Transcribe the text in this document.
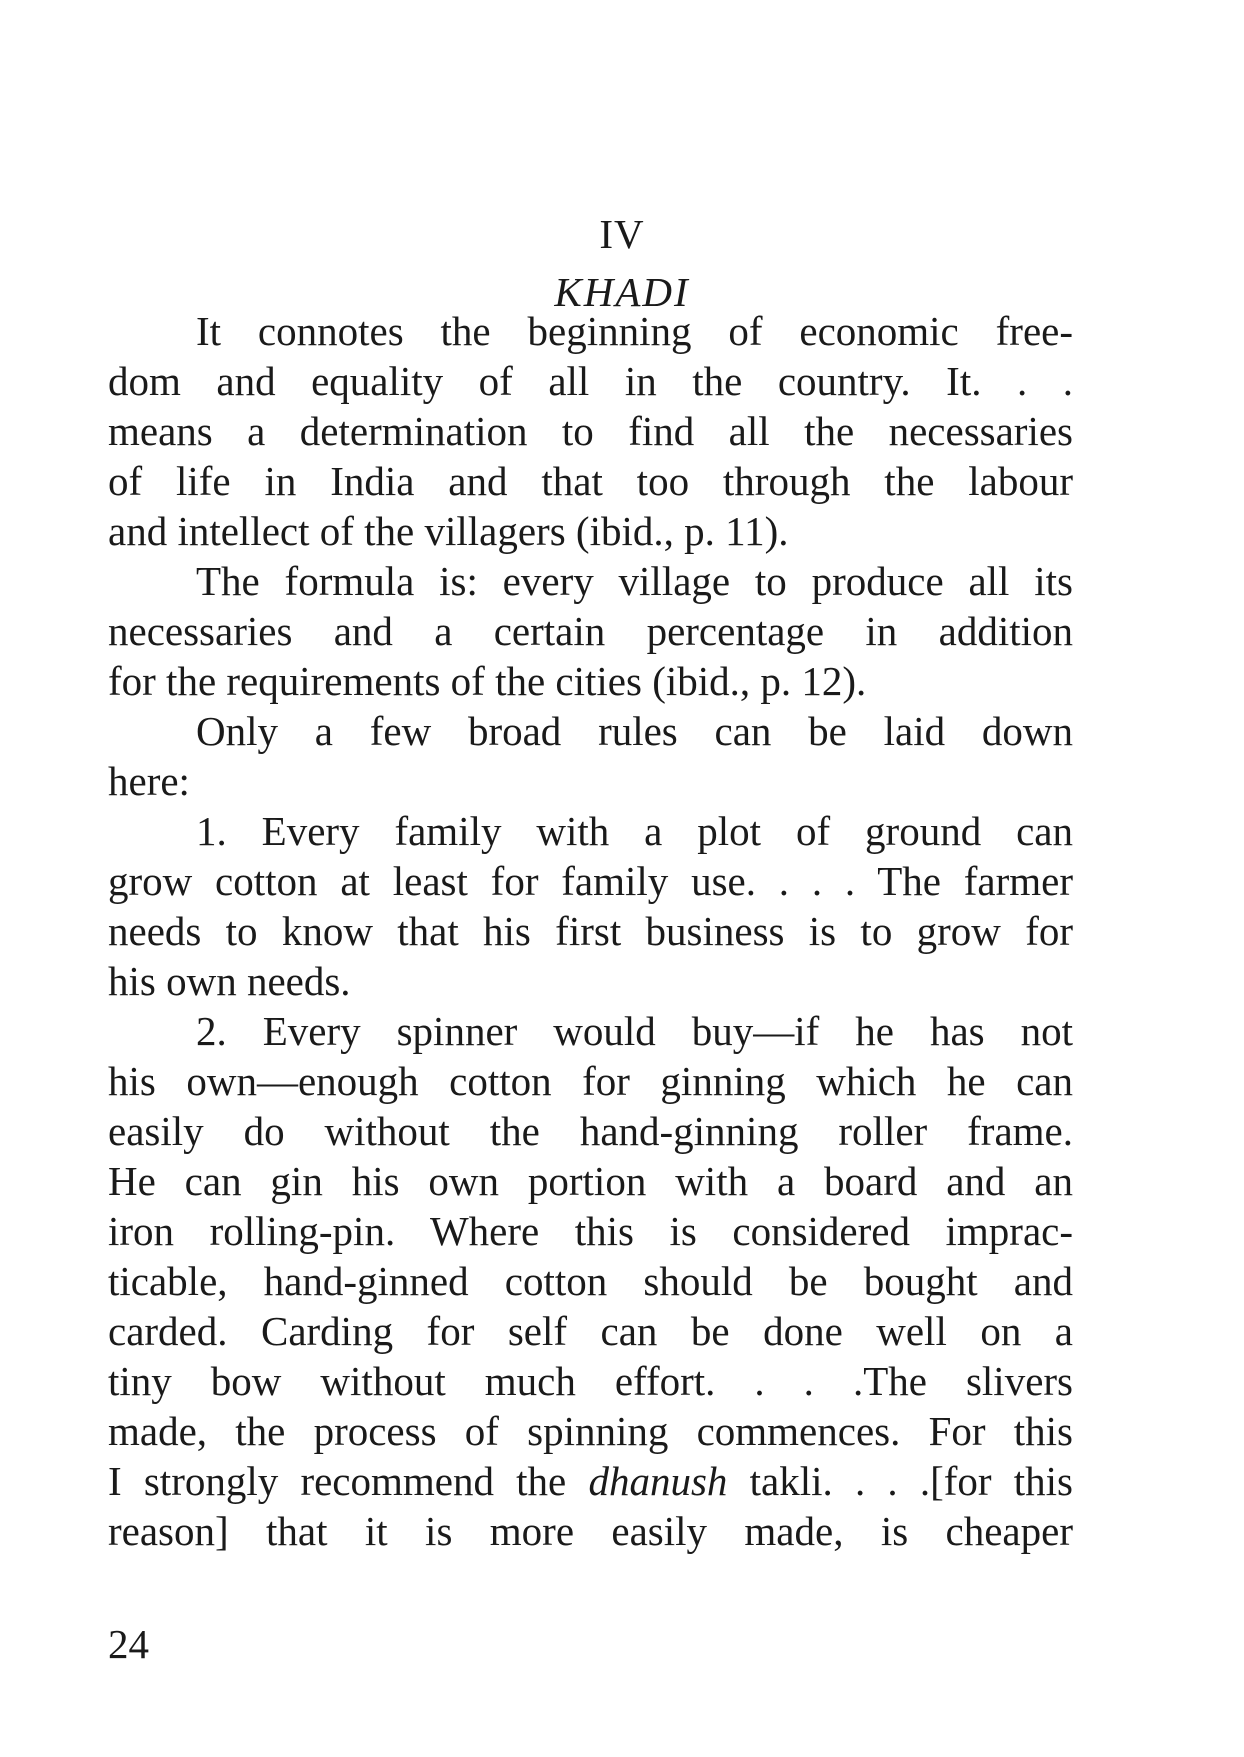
IV
KHADI
It connotes the beginning of economic free-
dom and equality of all in the country. It. . .
means a determination to find all the necessaries
of life in India and that too through the labour
and intellect of the villagers (ibid., p. 11).
The formula is: every village to produce all its
necessaries and a certain percentage in addition
for the requirements of the cities (ibid., p. 12).
Only a few broad rules can be laid down
here:
1. Every family with a plot of ground can
grow cotton at least for family use. . . . The farmer
needs to know that his first business is to grow for
his own needs.
2. Every spinner would buy—if he has not
his own—enough cotton for ginning which he can
easily do without the hand-ginning roller frame.
He can gin his own portion with a board and an
iron rolling-pin. Where this is considered imprac-
ticable, hand-ginned cotton should be bought and
carded. Carding for self can be done well on a
tiny bow without much effort. . . .The slivers
made, the process of spinning commences. For this
I strongly recommend the dhanush takli. . . .[for this
reason] that it is more easily made, is cheaper
24
